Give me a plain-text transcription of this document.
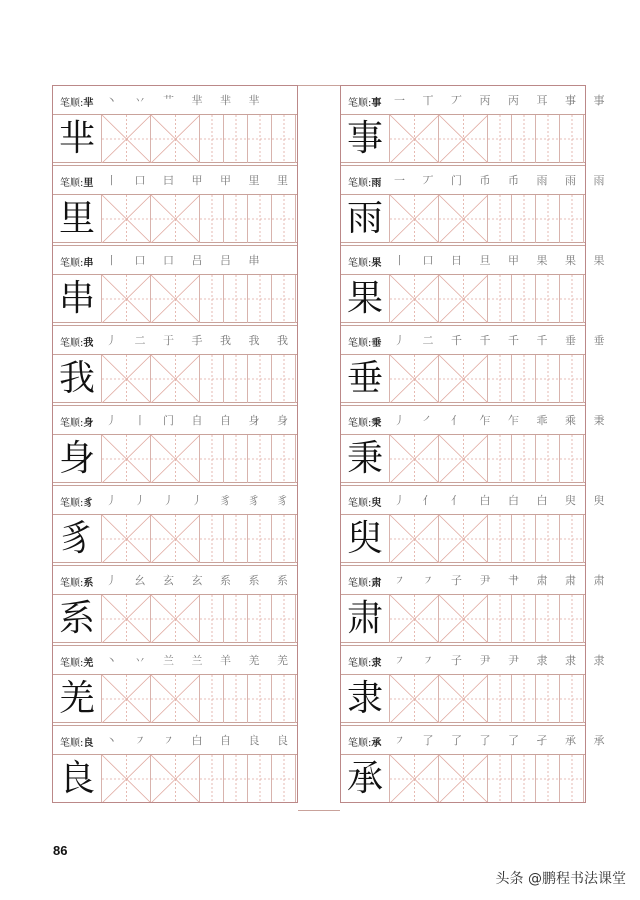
笔顺:芈 丶 丷 艹 芈 芈 芈
芈
笔顺:里 丨 口 曰 甲 甲 里 里
里
笔顺:串 丨 口 口 吕 吕 串
串
笔顺:我 丿 二 于 手 我 我 我
我
笔顺:身 丿 丨 门 自 自 身 身
身
笔顺:豸 丿 丿 丿 丿 豸 豸 豸
豸
笔顺:系 丿 幺 玄 玄 系 系 系
系
笔顺:羌 丶 丷 兰 兰 羊 羌 羌
羌
笔顺:良 丶 ㇇ ㇇ 白 自 良 良
良
笔顺:事 一 丅 丆 丙 丙 耳 事 事
事
笔顺:雨 一 丆 门 币 币 雨 雨 雨
雨
笔顺:果 丨 口 日 旦 甲 果 果 果
果
笔顺:垂 丿 二 千 千 千 千 垂 垂
垂
笔顺:秉 丿 ㇒ 亻 乍 乍 乖 乘 秉
秉
笔顺:臾 丿 亻 亻 白 白 白 臾 臾
臾
笔顺:肃 ㇇ ㇇ 子 尹 肀 肃 肃 肃
肃
笔顺:隶 ㇇ ㇇ 子 尹 尹 隶 隶 隶
隶
笔顺:承 ㇇ 了 了 了 了 孑 承 承
承
86
头条 @鹏程书法课堂
